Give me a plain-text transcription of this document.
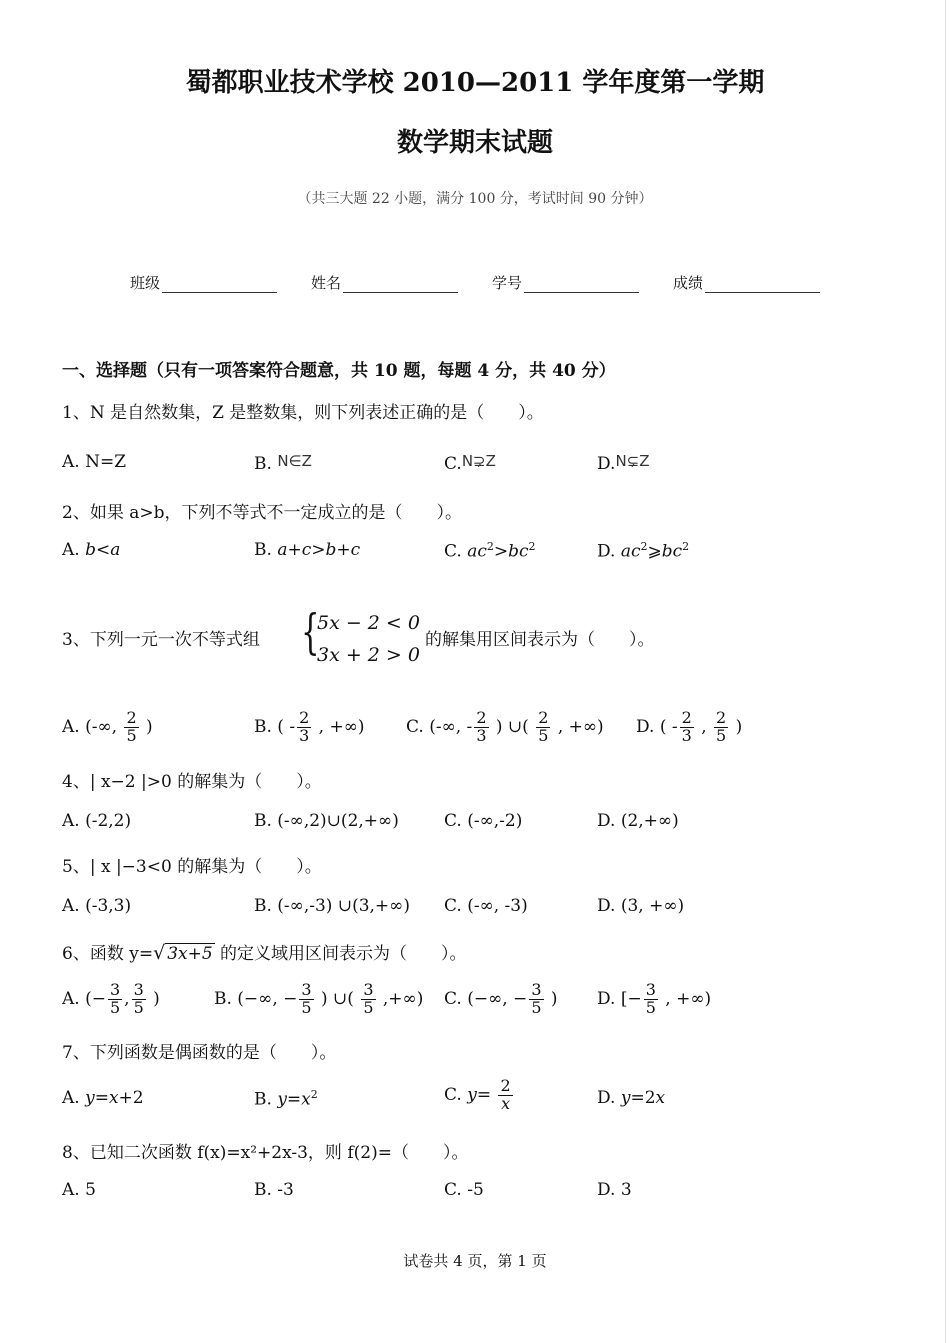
蜀都职业技术学校 2010—2011 学年度第一学期
数学期末试题
（共三大题 22 小题，满分 100 分，考试时间 90 分钟）
班级	姓名	学号	成绩
一、选择题（只有一项答案符合题意，共 10 题，每题 4 分，共 40 分）
1、N 是自然数集，Z 是整数集，则下列表述正确的是（　　）。
A. N=Z	B. N∈Z	C.N⊋Z	D.N⊊Z
2、如果 a>b，下列不等式不一定成立的是（　　）。
A. b<a	B. a+c>b+c	C. $ac^2>bc^2$	D. $ac^2⩾bc^2$
3、下列一元一次不等式组 {
5x − 2 < 0
3x + 2 > 0
的解集用区间表示为（　　）。
A. (-∞, $\frac{2}{5}$ )	B. ( - $\frac{2}{3}$ , +∞) C. (-∞, - $\frac{2}{3}$ ) ∪( $\frac{2}{5}$ , +∞) D. ( - $\frac{2}{3}$ , $\frac{2}{5}$ )
4、| x−2 |>0 的解集为（　　）。
A. (-2,2)	B. (-∞,2)∪(2,+∞)	C. (-∞,-2)	D. (2,+∞)
5、| x |−3<0 的解集为（　　）。
A. (-3,3)	B. (-∞,-3) ∪(3,+∞) C. (-∞, -3)	D. (3, +∞)
6、函数 y=√ 3x+5 的定义域用区间表示为（　　）。
A. (− $\frac{3}{5}$ , $\frac{3}{5}$ )	B. (−∞, − $\frac{3}{5}$ ) ∪( $\frac{3}{5}$ ,+∞) C. (−∞, − $\frac{3}{5}$ ) D. [− $\frac{3}{5}$ , +∞)
7、下列函数是偶函数的是（　　）。
A. y=x+2	B. $y=x^2$	C. $y= \frac{2}{x}$	D. y=2x
8、已知二次函数 f(x)=x²+2x-3，则 f(2)=（　　）。
A. 5	B. -3	C. -5	D. 3
试卷共 4 页，第 1 页
